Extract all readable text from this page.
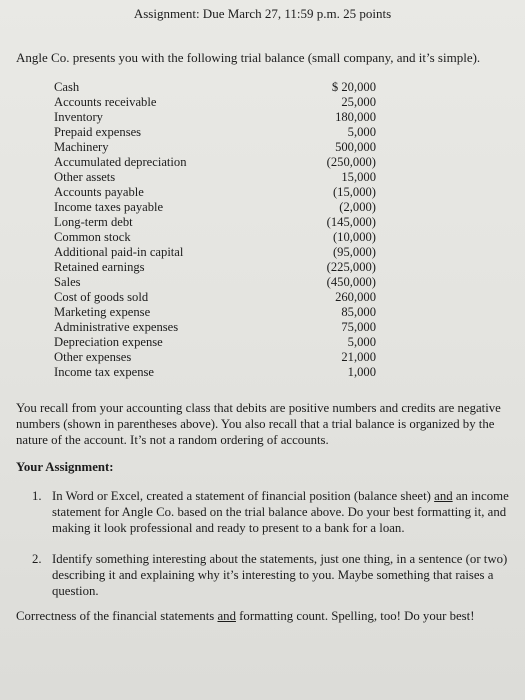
Assignment: Due March 27, 11:59 p.m. 25 points
Angle Co. presents you with the following trial balance (small company, and it’s simple).
Cash	$ 20,000
Accounts receivable	25,000
Inventory	180,000
Prepaid expenses	5,000
Machinery	500,000
Accumulated depreciation	(250,000)
Other assets	15,000
Accounts payable	(15,000)
Income taxes payable	(2,000)
Long-term debt	(145,000)
Common stock	(10,000)
Additional paid-in capital	(95,000)
Retained earnings	(225,000)
Sales	(450,000)
Cost of goods sold	260,000
Marketing expense	85,000
Administrative expenses	75,000
Depreciation expense	5,000
Other expenses	21,000
Income tax expense	1,000
You recall from your accounting class that debits are positive numbers and credits are negative numbers (shown in parentheses above). You also recall that a trial balance is organized by the nature of the account. It’s not a random ordering of accounts.
Your Assignment:
1. In Word or Excel, created a statement of financial position (balance sheet) and an income statement for Angle Co. based on the trial balance above. Do your best formatting it, and making it look professional and ready to present to a bank for a loan.
2. Identify something interesting about the statements, just one thing, in a sentence (or two) describing it and explaining why it’s interesting to you. Maybe something that raises a question.
Correctness of the financial statements and formatting count. Spelling, too! Do your best!
